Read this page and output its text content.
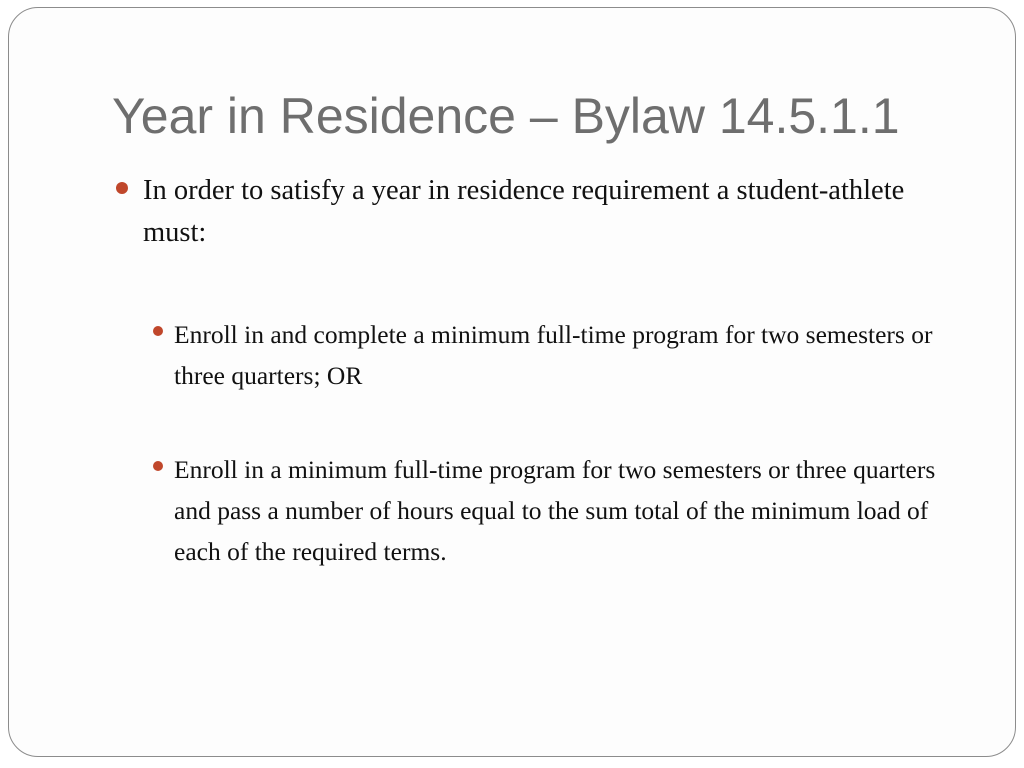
Year in Residence – Bylaw 14.5.1.1

In order to satisfy a year in residence requirement a student-athlete must:

Enroll in and complete a minimum full-time program for two semesters or three quarters; OR

Enroll in a minimum full-time program for two semesters or three quarters and pass a number of hours equal to the sum total of the minimum load of each of the required terms.
